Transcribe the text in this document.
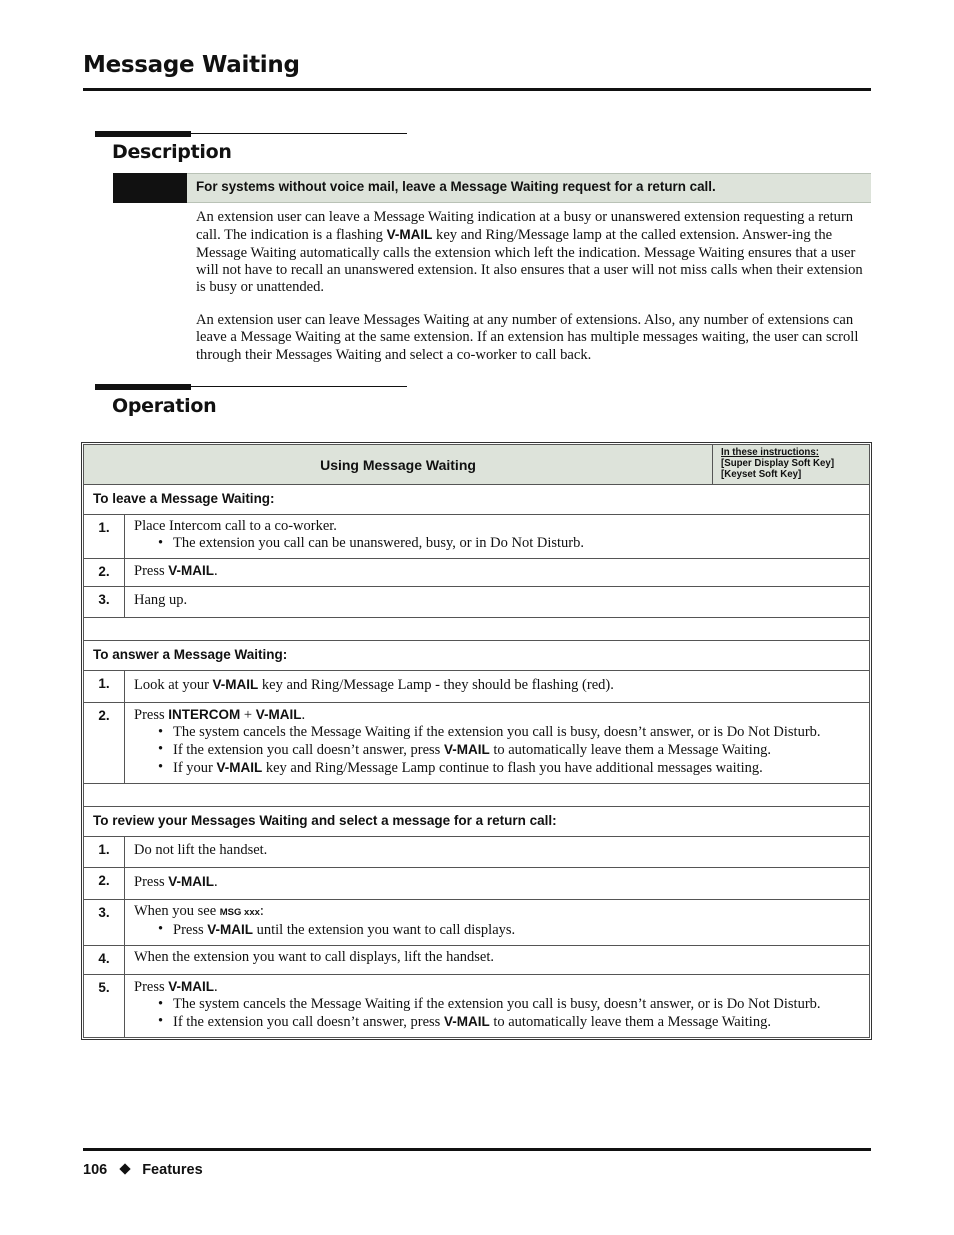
Message Waiting
Description
For systems without voice mail, leave a Message Waiting request for a return call.

An extension user can leave a Message Waiting indication at a busy or unanswered extension requesting a return call. The indication is a flashing V-MAIL key and Ring/Message lamp at the called extension. Answer-ing the Message Waiting automatically calls the extension which left the indication. Message Waiting ensures that a user will not have to recall an unanswered extension. It also ensures that a user will not miss calls when their extension is busy or unattended.

An extension user can leave Messages Waiting at any number of extensions. Also, any number of extensions can leave a Message Waiting at the same extension. If an extension has multiple messages waiting, the user can scroll through their Messages Waiting and select a co-worker to call back.

Operation
Using Message Waiting		In these instructions:
[Super Display Soft Key]
[Keyset Soft Key]

To leave a Message Waiting:		
1.	Place Intercom call to a co-worker.
• The extension you call can be unanswered, busy, or in Do Not Disturb.

2.	Press V-MAIL.	
3.	Hang up.	

To answer a Message Waiting:		
1.	Look at your V-MAIL key and Ring/Message Lamp - they should be flashing (red).	
2.	Press INTERCOM + V-MAIL.
• The system cancels the Message Waiting if the extension you call is busy, doesn’t answer, or is Do Not Disturb.
• If the extension you call doesn’t answer, press V-MAIL to automatically leave them a Message Waiting.
• If your V-MAIL key and Ring/Message Lamp continue to flash you have additional messages waiting.

To review your Messages Waiting and select a message for a return call:		
1.	Do not lift the handset.	
2.	Press V-MAIL.	
3.	When you see MSG xxx:
• Press V-MAIL until the extension you want to call displays.

4.	When the extension you want to call displays, lift the handset.	
5.	Press V-MAIL.
• The system cancels the Message Waiting if the extension you call is busy, doesn’t answer, or is Do Not Disturb.
• If the extension you call doesn’t answer, press V-MAIL to automatically leave them a Message Waiting.
106 Features
